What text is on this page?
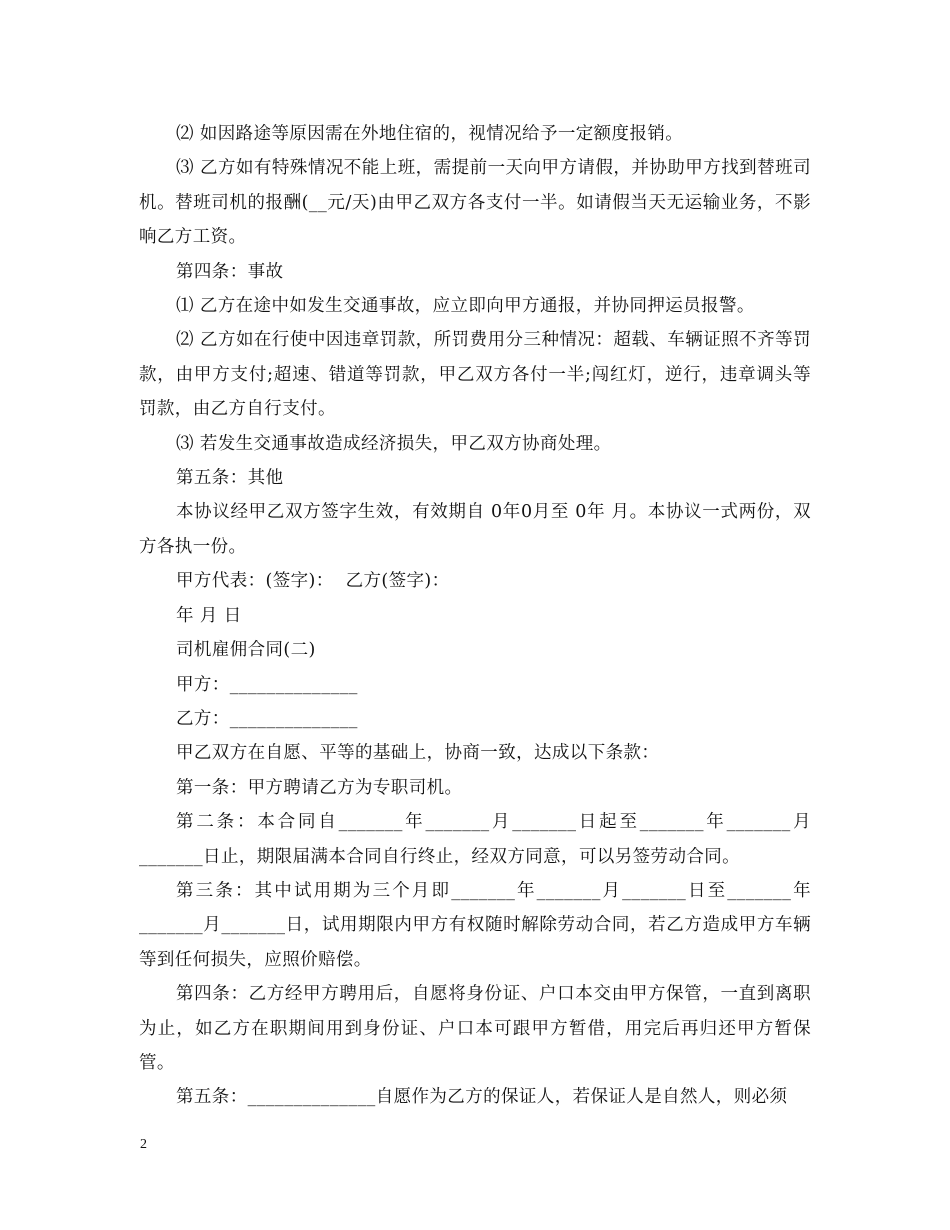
⑵ 如因路途等原因需在外地住宿的，视情况给予一定额度报销。

⑶ 乙方如有特殊情况不能上班，需提前一天向甲方请假，并协助甲方找到替班司机。替班司机的报酬(__元/天)由甲乙双方各支付一半。如请假当天无运输业务，不影响乙方工资。

第四条：事故

⑴ 乙方在途中如发生交通事故，应立即向甲方通报，并协同押运员报警。

⑵ 乙方如在行使中因违章罚款，所罚费用分三种情况：超载、车辆证照不齐等罚款，由甲方支付;超速、错道等罚款，甲乙双方各付一半;闯红灯，逆行，违章调头等罚款，由乙方自行支付。

⑶ 若发生交通事故造成经济损失，甲乙双方协商处理。

第五条：其他

本协议经甲乙双方签字生效，有效期自 0年0月至 0年 月。本协议一式两份，双方各执一份。

甲方代表：(签字)：  乙方(签字)：

年 月 日

司机雇佣合同(二)

甲方：______________

乙方：______________

甲乙双方在自愿、平等的基础上，协商一致，达成以下条款：

第一条：甲方聘请乙方为专职司机。

第二条：本合同自_______年_______月_______日起至_______年_______月_______日止，期限届满本合同自行终止，经双方同意，可以另签劳动合同。

第三条：其中试用期为三个月即_______年_______月_______日至_______年_______月_______日，试用期限内甲方有权随时解除劳动合同，若乙方造成甲方车辆等到任何损失，应照价赔偿。

第四条：乙方经甲方聘用后，自愿将身份证、户口本交由甲方保管，一直到离职为止，如乙方在职期间用到身份证、户口本可跟甲方暂借，用完后再归还甲方暂保管。

第五条：______________自愿作为乙方的保证人，若保证人是自然人，则必须

2
